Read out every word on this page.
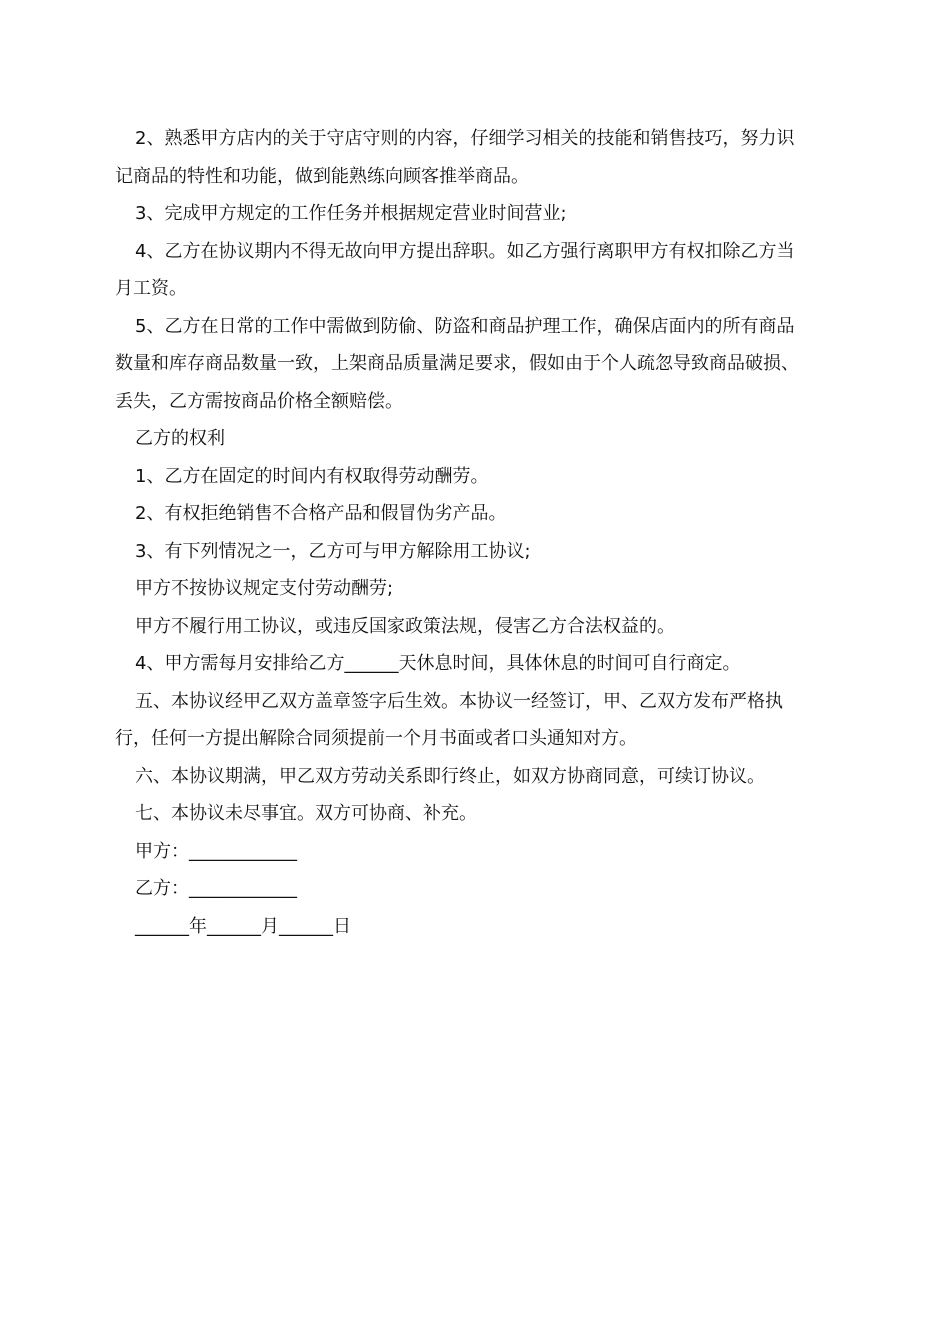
2、熟悉甲方店内的关于守店守则的内容，仔细学习相关的技能和销售技巧，努力识
记商品的特性和功能，做到能熟练向顾客推举商品。

3、完成甲方规定的工作任务并根据规定营业时间营业;

4、乙方在协议期内不得无故向甲方提出辞职。如乙方强行离职甲方有权扣除乙方当
月工资。

5、乙方在日常的工作中需做到防偷、防盗和商品护理工作，确保店面内的所有商品
数量和库存商品数量一致，上架商品质量满足要求，假如由于个人疏忽导致商品破损、
丢失，乙方需按商品价格全额赔偿。

乙方的权利

1、乙方在固定的时间内有权取得劳动酬劳。

2、有权拒绝销售不合格产品和假冒伪劣产品。

3、有下列情况之一，乙方可与甲方解除用工协议;

甲方不按协议规定支付劳动酬劳;

甲方不履行用工协议，或违反国家政策法规，侵害乙方合法权益的。

4、甲方需每月安排给乙方______天休息时间，具体休息的时间可自行商定。

五、本协议经甲乙双方盖章签字后生效。本协议一经签订，甲、乙双方发布严格执
行，任何一方提出解除合同须提前一个月书面或者口头通知对方。

六、本协议期满，甲乙双方劳动关系即行终止，如双方协商同意，可续订协议。

七、本协议未尽事宜。双方可协商、补充。

甲方：____________

乙方：____________

______年______月______日
